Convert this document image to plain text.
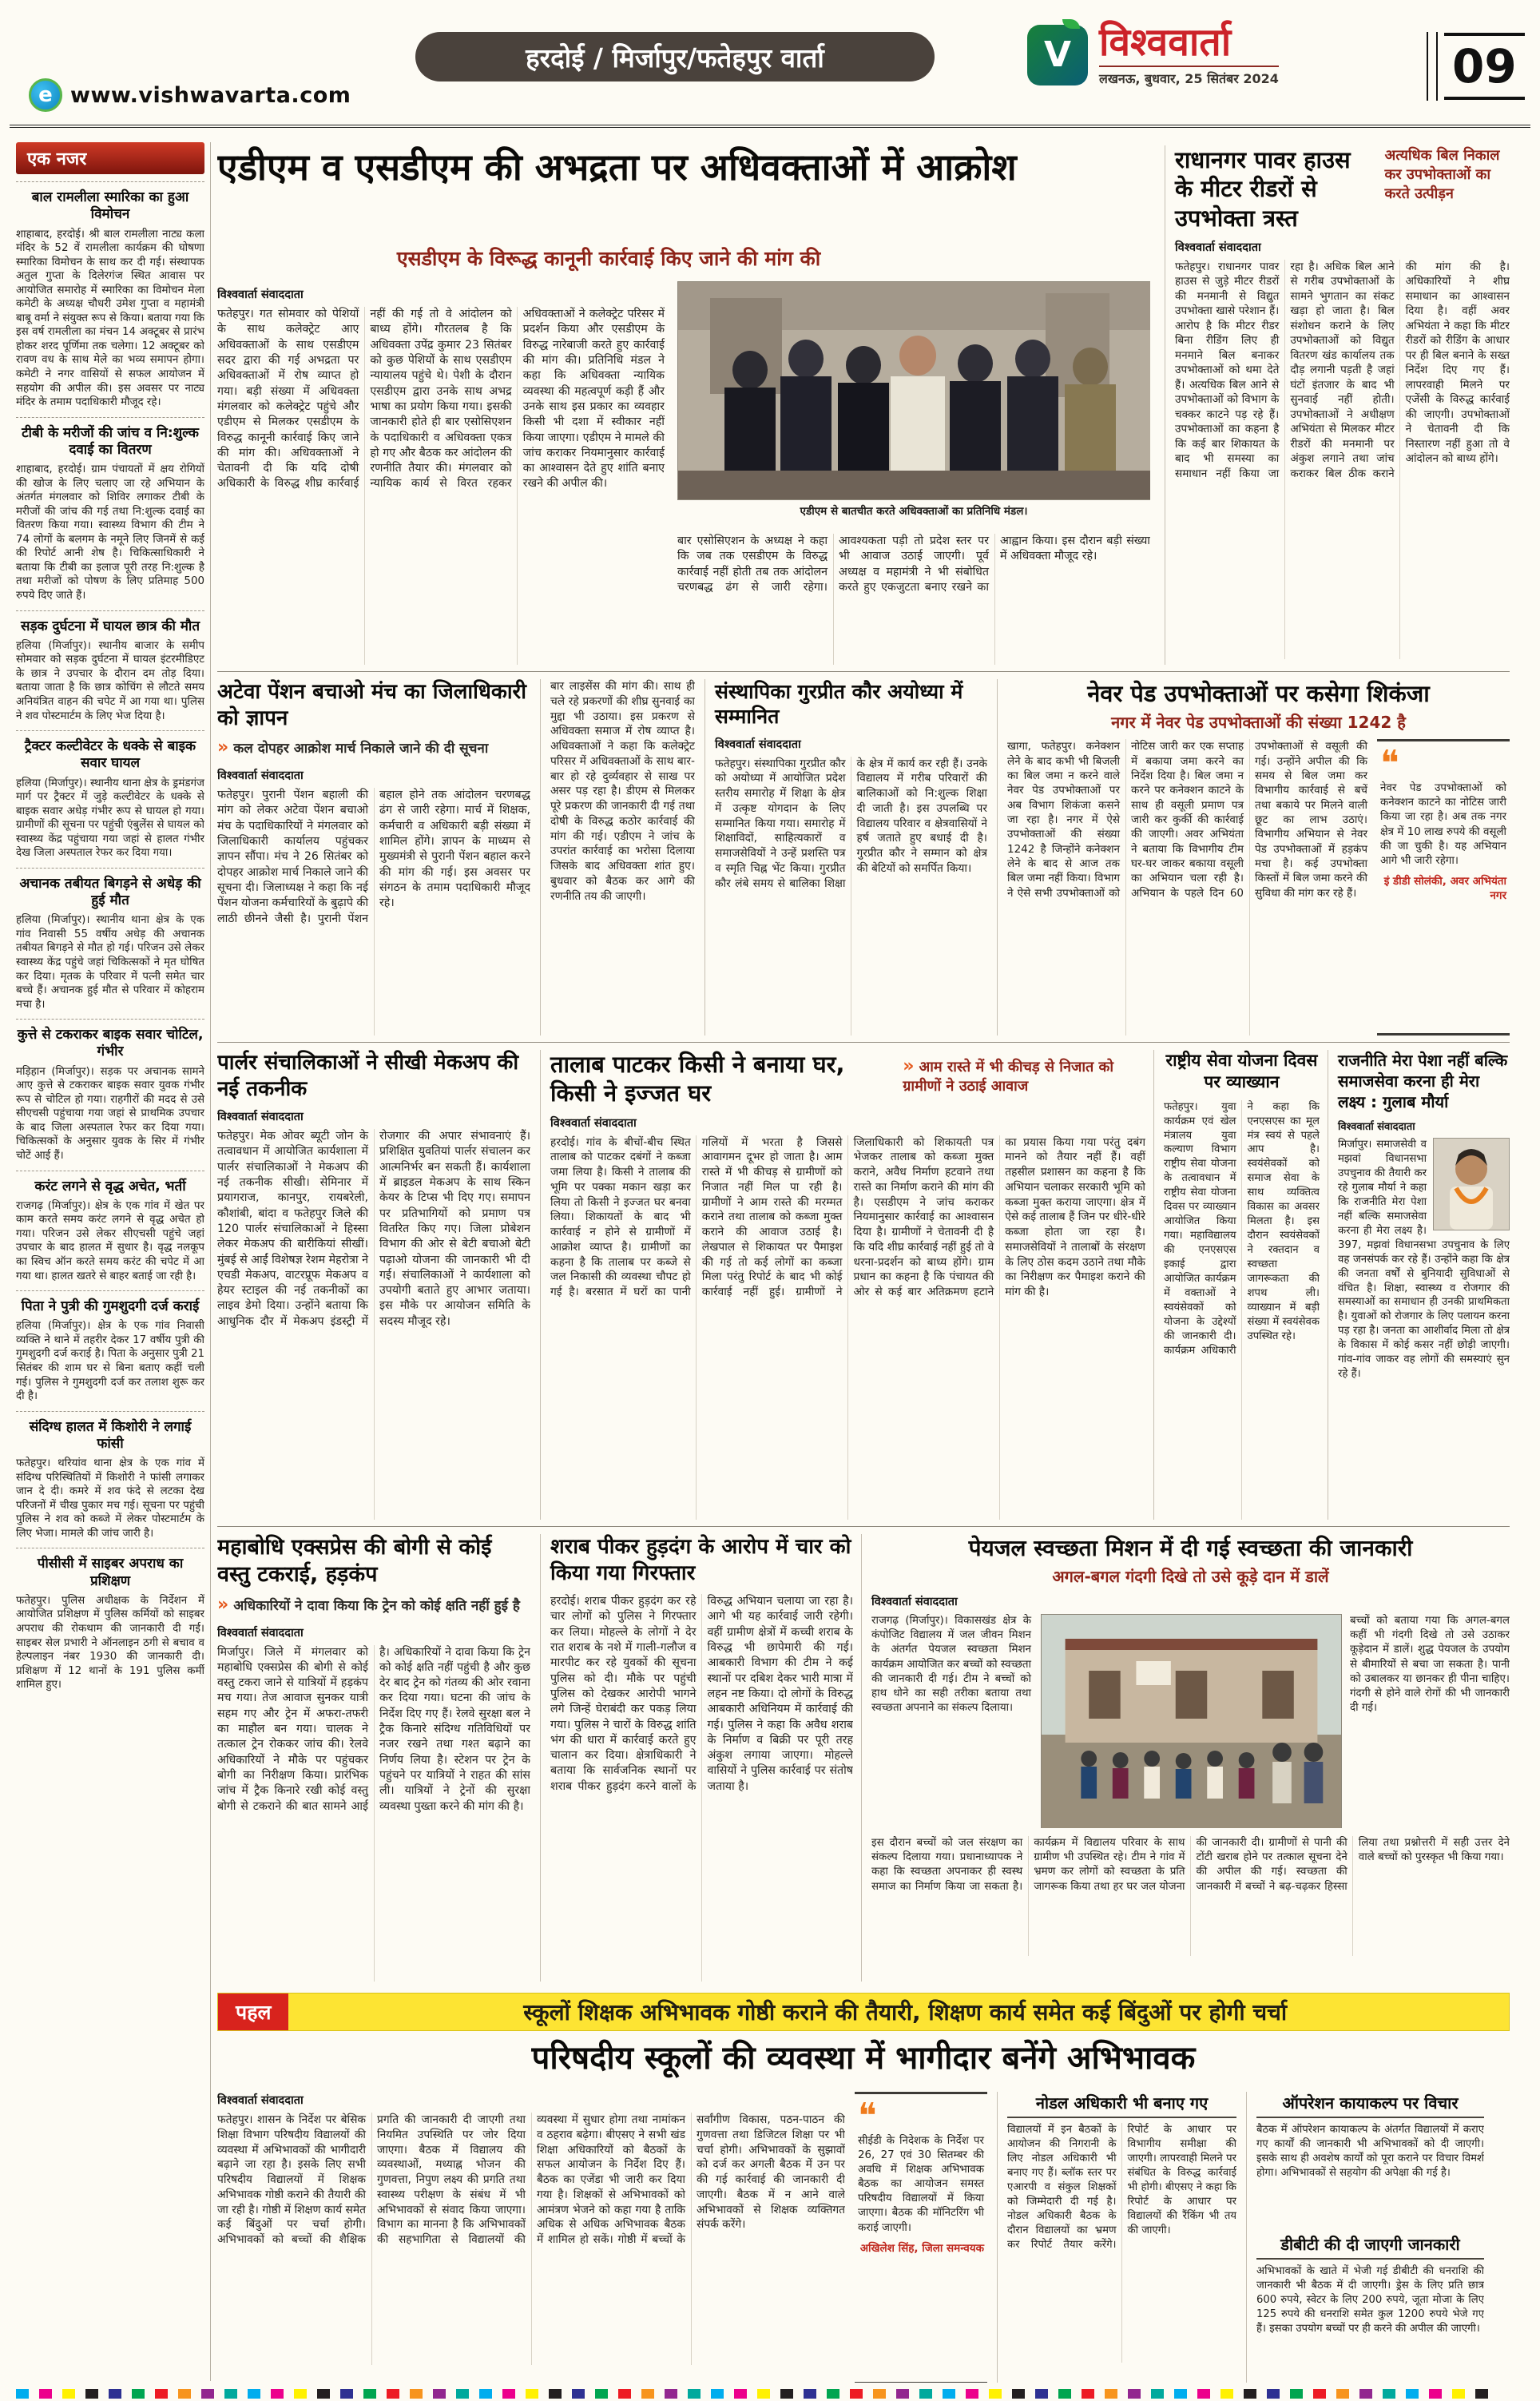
e www.vishwavarta.com
हरदोई / मिर्जापुर/फतेहपुर वार्ता	V विश्ववार्ता
लखनऊ, बुधवार, 25 सितंबर 2024	09
एक नजर
बाल रामलीला स्मारिका का हुआ विमोचन

शाहाबाद, हरदोई। श्री बाल रामलीला नाट्य कला मंदिर के 52 वें रामलीला कार्यक्रम की घोषणा स्मारिका विमोचन के साथ कर दी गई। संस्थापक अतुल गुप्ता के दिलेरगंज स्थित आवास पर आयोजित समारोह में स्मारिका का विमोचन मेला कमेटी के अध्यक्ष चौधरी उमेश गुप्ता व महामंत्री बाबू वर्मा ने संयुक्त रूप से किया। बताया गया कि इस वर्ष रामलीला का मंचन 14 अक्टूबर से प्रारंभ होकर शरद पूर्णिमा तक चलेगा। 12 अक्टूबर को रावण वध के साथ मेले का भव्य समापन होगा। कमेटी ने नगर वासियों से सफल आयोजन में सहयोग की अपील की। इस अवसर पर नाट्य मंदिर के तमाम पदाधिकारी मौजूद रहे।

टीबी के मरीजों की जांच व नि:शुल्क दवाई का वितरण

शाहाबाद, हरदोई। ग्राम पंचायतों में क्षय रोगियों की खोज के लिए चलाए जा रहे अभियान के अंतर्गत मंगलवार को शिविर लगाकर टीबी के मरीजों की जांच की गई तथा नि:शुल्क दवाई का वितरण किया गया। स्वास्थ्य विभाग की टीम ने 74 लोगों के बलगम के नमूने लिए जिनमें से कई की रिपोर्ट आनी शेष है। चिकित्साधिकारी ने बताया कि टीबी का इलाज पूरी तरह नि:शुल्क है तथा मरीजों को पोषण के लिए प्रतिमाह 500 रुपये दिए जाते हैं।

सड़क दुर्घटना में घायल छात्र की मौत

हलिया (मिर्जापुर)। स्थानीय बाजार के समीप सोमवार को सड़क दुर्घटना में घायल इंटरमीडिएट के छात्र ने उपचार के दौरान दम तोड़ दिया। बताया जाता है कि छात्र कोचिंग से लौटते समय अनियंत्रित वाहन की चपेट में आ गया था। पुलिस ने शव पोस्टमार्टम के लिए भेज दिया है।

ट्रैक्टर कल्टीवेटर के धक्के से बाइक सवार घायल

हलिया (मिर्जापुर)। स्थानीय थाना क्षेत्र के ड्रमंडगंज मार्ग पर ट्रैक्टर में जुड़े कल्टीवेटर के धक्के से बाइक सवार अधेड़ गंभीर रूप से घायल हो गया। ग्रामीणों की सूचना पर पहुंची एंबुलेंस से घायल को स्वास्थ्य केंद्र पहुंचाया गया जहां से हालत गंभीर देख जिला अस्पताल रेफर कर दिया गया।

अचानक तबीयत बिगड़ने से अधेड़ की हुई मौत

हलिया (मिर्जापुर)। स्थानीय थाना क्षेत्र के एक गांव निवासी 55 वर्षीय अधेड़ की अचानक तबीयत बिगड़ने से मौत हो गई। परिजन उसे लेकर स्वास्थ्य केंद्र पहुंचे जहां चिकित्सकों ने मृत घोषित कर दिया। मृतक के परिवार में पत्नी समेत चार बच्चे हैं। अचानक हुई मौत से परिवार में कोहराम मचा है।

कुत्ते से टकराकर बाइक सवार चोटिल, गंभीर

मड़िहान (मिर्जापुर)। सड़क पर अचानक सामने आए कुत्ते से टकराकर बाइक सवार युवक गंभीर रूप से चोटिल हो गया। राहगीरों की मदद से उसे सीएचसी पहुंचाया गया जहां से प्राथमिक उपचार के बाद जिला अस्पताल रेफर कर दिया गया। चिकित्सकों के अनुसार युवक के सिर में गंभीर चोटें आई हैं।

करंट लगने से वृद्ध अचेत, भर्ती

राजगढ़ (मिर्जापुर)। क्षेत्र के एक गांव में खेत पर काम करते समय करंट लगने से वृद्ध अचेत हो गया। परिजन उसे लेकर सीएचसी पहुंचे जहां उपचार के बाद हालत में सुधार है। वृद्ध नलकूप का स्विच ऑन करते समय करंट की चपेट में आ गया था। हालत खतरे से बाहर बताई जा रही है।

पिता ने पुत्री की गुमशुदगी दर्ज कराई

हलिया (मिर्जापुर)। क्षेत्र के एक गांव निवासी व्यक्ति ने थाने में तहरीर देकर 17 वर्षीय पुत्री की गुमशुदगी दर्ज कराई है। पिता के अनुसार पुत्री 21 सितंबर की शाम घर से बिना बताए कहीं चली गई। पुलिस ने गुमशुदगी दर्ज कर तलाश शुरू कर दी है।

संदिग्ध हालत में किशोरी ने लगाई फांसी

फतेहपुर। थरियांव थाना क्षेत्र के एक गांव में संदिग्ध परिस्थितियों में किशोरी ने फांसी लगाकर जान दे दी। कमरे में शव फंदे से लटका देख परिजनों में चीख पुकार मच गई। सूचना पर पहुंची पुलिस ने शव को कब्जे में लेकर पोस्टमार्टम के लिए भेजा। मामले की जांच जारी है।

पीसीसी में साइबर अपराध का प्रशिक्षण

फतेहपुर। पुलिस अधीक्षक के निर्देशन में आयोजित प्रशिक्षण में पुलिस कर्मियों को साइबर अपराध की रोकथाम की जानकारी दी गई। साइबर सेल प्रभारी ने ऑनलाइन ठगी से बचाव व हेल्पलाइन नंबर 1930 की जानकारी दी। प्रशिक्षण में 12 थानों के 191 पुलिस कर्मी शामिल हुए।

एडीएम व एसडीएम की अभद्रता पर अधिवक्ताओं में आक्रोश
एसडीएम के विरूद्ध कानूनी कार्रवाई किए जाने की मांग की
विश्ववार्ता संवाददाता
फतेहपुर। गत सोमवार को पेशियों के साथ कलेक्ट्रेट आए अधिवक्ताओं के साथ एसडीएम सदर द्वारा की गई अभद्रता पर अधिवक्ताओं में रोष व्याप्त हो गया। बड़ी संख्या में अधिवक्ता मंगलवार को कलेक्ट्रेट पहुंचे और एडीएम से मिलकर एसडीएम के विरुद्ध कानूनी कार्रवाई किए जाने की मांग की। अधिवक्ताओं ने चेतावनी दी कि यदि दोषी अधिकारी के विरुद्ध शीघ्र कार्रवाई नहीं की गई तो वे आंदोलन को बाध्य होंगे। गौरतलब है कि अधिवक्ता उपेंद्र कुमार 23 सितंबर को कुछ पेशियों के साथ एसडीएम न्यायालय पहुंचे थे। पेशी के दौरान एसडीएम द्वारा उनके साथ अभद्र भाषा का प्रयोग किया गया। इसकी जानकारी होते ही बार एसोसिएशन के पदाधिकारी व अधिवक्ता एकत्र हो गए और बैठक कर आंदोलन की रणनीति तैयार की। मंगलवार को न्यायिक कार्य से विरत रहकर अधिवक्ताओं ने कलेक्ट्रेट परिसर में प्रदर्शन किया और एसडीएम के विरुद्ध नारेबाजी करते हुए कार्रवाई की मांग की। प्रतिनिधि मंडल ने कहा कि अधिवक्ता न्यायिक व्यवस्था की महत्वपूर्ण कड़ी हैं और उनके साथ इस प्रकार का व्यवहार किसी भी दशा में स्वीकार नहीं किया जाएगा। एडीएम ने मामले की जांच कराकर नियमानुसार कार्रवाई का आश्वासन देते हुए शांति बनाए रखने की अपील की।
एडीएम से बातचीत करते अधिवक्ताओं का प्रतिनिधि मंडल।
बार एसोसिएशन के अध्यक्ष ने कहा कि जब तक एसडीएम के विरुद्ध कार्रवाई नहीं होती तब तक आंदोलन चरणबद्ध ढंग से जारी रहेगा। आवश्यकता पड़ी तो प्रदेश स्तर पर भी आवाज उठाई जाएगी। पूर्व अध्यक्ष व महामंत्री ने भी संबोधित करते हुए एकजुटता बनाए रखने का आह्वान किया। इस दौरान बड़ी संख्या में अधिवक्ता मौजूद रहे।
राधानगर पावर हाउस के मीटर रीडरों से उपभोक्ता त्रस्त
अत्यधिक बिल निकाल कर उपभोक्ताओं का करते उत्पीड़न
विश्ववार्ता संवाददाता
फतेहपुर। राधानगर पावर हाउस से जुड़े मीटर रीडरों की मनमानी से विद्युत उपभोक्ता खासे परेशान हैं। आरोप है कि मीटर रीडर बिना रीडिंग लिए ही मनमाने बिल बनाकर उपभोक्ताओं को थमा देते हैं। अत्यधिक बिल आने से उपभोक्ताओं को विभाग के चक्कर काटने पड़ रहे हैं। उपभोक्ताओं का कहना है कि कई बार शिकायत के बाद भी समस्या का समाधान नहीं किया जा रहा है। अधिक बिल आने से गरीब उपभोक्ताओं के सामने भुगतान का संकट खड़ा हो जाता है। बिल संशोधन कराने के लिए उपभोक्ताओं को विद्युत वितरण खंड कार्यालय तक दौड़ लगानी पड़ती है जहां घंटों इंतजार के बाद भी सुनवाई नहीं होती। उपभोक्ताओं ने अधीक्षण अभियंता से मिलकर मीटर रीडरों की मनमानी पर अंकुश लगाने तथा जांच कराकर बिल ठीक कराने की मांग की है। अधिकारियों ने शीघ्र समाधान का आश्वासन दिया है। वहीं अवर अभियंता ने कहा कि मीटर रीडरों को रीडिंग के आधार पर ही बिल बनाने के सख्त निर्देश दिए गए हैं। लापरवाही मिलने पर एजेंसी के विरुद्ध कार्रवाई की जाएगी। उपभोक्ताओं ने चेतावनी दी कि निस्तारण नहीं हुआ तो वे आंदोलन को बाध्य होंगे।
अटेवा पेंशन बचाओ मंच का जिलाधिकारी को ज्ञापन
» कल दोपहर आक्रोश मार्च निकाले जाने की दी सूचना
विश्ववार्ता संवाददाता
फतेहपुर। पुरानी पेंशन बहाली की मांग को लेकर अटेवा पेंशन बचाओ मंच के पदाधिकारियों ने मंगलवार को जिलाधिकारी कार्यालय पहुंचकर ज्ञापन सौंपा। मंच ने 26 सितंबर को दोपहर आक्रोश मार्च निकाले जाने की सूचना दी। जिलाध्यक्ष ने कहा कि नई पेंशन योजना कर्मचारियों के बुढ़ापे की लाठी छीनने जैसी है। पुरानी पेंशन बहाल होने तक आंदोलन चरणबद्ध ढंग से जारी रहेगा। मार्च में शिक्षक, कर्मचारी व अधिकारी बड़ी संख्या में शामिल होंगे। ज्ञापन के माध्यम से मुख्यमंत्री से पुरानी पेंशन बहाल करने की मांग की गई। इस अवसर पर संगठन के तमाम पदाधिकारी मौजूद रहे।
बार लाइसेंस की मांग की। साथ ही चले रहे प्रकरणों की शीघ्र सुनवाई का मुद्दा भी उठाया। इस प्रकरण से अधिवक्ता समाज में रोष व्याप्त है। अधिवक्ताओं ने कहा कि कलेक्ट्रेट परिसर में अधिवक्ताओं के साथ बार-बार हो रहे दुर्व्यवहार से साख पर असर पड़ रहा है। डीएम से मिलकर पूरे प्रकरण की जानकारी दी गई तथा दोषी के विरुद्ध कठोर कार्रवाई की मांग की गई। एडीएम ने जांच के उपरांत कार्रवाई का भरोसा दिलाया जिसके बाद अधिवक्ता शांत हुए। बुधवार को बैठक कर आगे की रणनीति तय की जाएगी।
संस्थापिका गुरप्रीत कौर अयोध्या में सम्मानित
विश्ववार्ता संवाददाता
फतेहपुर। संस्थापिका गुरप्रीत कौर को अयोध्या में आयोजित प्रदेश स्तरीय समारोह में शिक्षा के क्षेत्र में उत्कृष्ट योगदान के लिए सम्मानित किया गया। समारोह में शिक्षाविदों, साहित्यकारों व समाजसेवियों ने उन्हें प्रशस्ति पत्र व स्मृति चिह्न भेंट किया। गुरप्रीत कौर लंबे समय से बालिका शिक्षा के क्षेत्र में कार्य कर रही हैं। उनके विद्यालय में गरीब परिवारों की बालिकाओं को नि:शुल्क शिक्षा दी जाती है। इस उपलब्धि पर विद्यालय परिवार व क्षेत्रवासियों ने हर्ष जताते हुए बधाई दी है। गुरप्रीत कौर ने सम्मान को क्षेत्र की बेटियों को समर्पित किया।
नेवर पेड उपभोक्ताओं पर कसेगा शिकंजा
नगर में नेवर पेड उपभोक्ताओं की संख्या 1242 है
खागा, फतेहपुर। कनेक्शन लेने के बाद कभी भी बिजली का बिल जमा न करने वाले नेवर पेड उपभोक्ताओं पर अब विभाग शिकंजा कसने जा रहा है। नगर में ऐसे उपभोक्ताओं की संख्या 1242 है जिन्होंने कनेक्शन लेने के बाद से आज तक बिल जमा नहीं किया। विभाग ने ऐसे सभी उपभोक्ताओं को नोटिस जारी कर एक सप्ताह में बकाया जमा करने का निर्देश दिया है। बिल जमा न करने पर कनेक्शन काटने के साथ ही वसूली प्रमाण पत्र जारी कर कुर्की की कार्रवाई की जाएगी। अवर अभियंता ने बताया कि विभागीय टीम घर-घर जाकर बकाया वसूली का अभियान चला रही है। अभियान के पहले दिन 60 उपभोक्ताओं से वसूली की गई। उन्होंने अपील की कि समय से बिल जमा कर विभागीय कार्रवाई से बचें तथा बकाये पर मिलने वाली छूट का लाभ उठाएं। विभागीय अभियान से नेवर पेड उपभोक्ताओं में हड़कंप मचा है। कई उपभोक्ता किस्तों में बिल जमा करने की सुविधा की मांग कर रहे हैं।
❝
नेवर पेड उपभोक्ताओं को कनेक्शन काटने का नोटिस जारी किया जा रहा है। अब तक नगर क्षेत्र में 10 लाख रुपये की वसूली की जा चुकी है। यह अभियान आगे भी जारी रहेगा।
इं डीडी सोलंकी, अवर अभियंता नगर
पार्लर संचालिकाओं ने सीखी मेकअप की नई तकनीक
विश्ववार्ता संवाददाता
फतेहपुर। मेक ओवर ब्यूटी जोन के तत्वावधान में आयोजित कार्यशाला में पार्लर संचालिकाओं ने मेकअप की नई तकनीक सीखी। सेमिनार में प्रयागराज, कानपुर, रायबरेली, कौशांबी, बांदा व फतेहपुर जिले की 120 पार्लर संचालिकाओं ने हिस्सा लेकर मेकअप की बारीकियां सीखीं। मुंबई से आईं विशेषज्ञ रेशम मेहरोत्रा ने एचडी मेकअप, वाटरप्रूफ मेकअप व हेयर स्टाइल की नई तकनीकों का लाइव डेमो दिया। उन्होंने बताया कि आधुनिक दौर में मेकअप इंडस्ट्री में रोजगार की अपार संभावनाएं हैं। प्रशिक्षित युवतियां पार्लर संचालन कर आत्मनिर्भर बन सकती हैं। कार्यशाला में ब्राइडल मेकअप के साथ स्किन केयर के टिप्स भी दिए गए। समापन पर प्रतिभागियों को प्रमाण पत्र वितरित किए गए। जिला प्रोबेशन विभाग की ओर से बेटी बचाओ बेटी पढ़ाओ योजना की जानकारी भी दी गई। संचालिकाओं ने कार्यशाला को उपयोगी बताते हुए आभार जताया। इस मौके पर आयोजन समिति के सदस्य मौजूद रहे।
तालाब पाटकर किसी ने बनाया घर, किसी ने इज्जत घर
» आम रास्ते में भी कीचड़ से निजात को ग्रामीणों ने उठाई आवाज
विश्ववार्ता संवाददाता
हरदोई। गांव के बीचों-बीच स्थित तालाब को पाटकर दबंगों ने कब्जा जमा लिया है। किसी ने तालाब की भूमि पर पक्का मकान खड़ा कर लिया तो किसी ने इज्जत घर बनवा लिया। शिकायतों के बाद भी कार्रवाई न होने से ग्रामीणों में आक्रोश व्याप्त है। ग्रामीणों का कहना है कि तालाब पर कब्जे से जल निकासी की व्यवस्था चौपट हो गई है। बरसात में घरों का पानी गलियों में भरता है जिससे आवागमन दूभर हो जाता है। आम रास्ते में भी कीचड़ से ग्रामीणों को निजात नहीं मिल पा रही है। ग्रामीणों ने आम रास्ते की मरम्मत कराने तथा तालाब को कब्जा मुक्त कराने की आवाज उठाई है। लेखपाल से शिकायत पर पैमाइश की गई तो कई लोगों का कब्जा मिला परंतु रिपोर्ट के बाद भी कोई कार्रवाई नहीं हुई। ग्रामीणों ने जिलाधिकारी को शिकायती पत्र भेजकर तालाब को कब्जा मुक्त कराने, अवैध निर्माण हटवाने तथा रास्ते का निर्माण कराने की मांग की है। एसडीएम ने जांच कराकर नियमानुसार कार्रवाई का आश्वासन दिया है। ग्रामीणों ने चेतावनी दी है कि यदि शीघ्र कार्रवाई नहीं हुई तो वे धरना-प्रदर्शन को बाध्य होंगे। ग्राम प्रधान का कहना है कि पंचायत की ओर से कई बार अतिक्रमण हटाने का प्रयास किया गया परंतु दबंग मानने को तैयार नहीं हैं। वहीं तहसील प्रशासन का कहना है कि अभियान चलाकर सरकारी भूमि को कब्जा मुक्त कराया जाएगा। क्षेत्र में ऐसे कई तालाब हैं जिन पर धीरे-धीरे कब्जा होता जा रहा है। समाजसेवियों ने तालाबों के संरक्षण के लिए ठोस कदम उठाने तथा मौके का निरीक्षण कर पैमाइश कराने की मांग की है।
राष्ट्रीय सेवा योजना दिवस पर व्याख्यान
फतेहपुर। युवा कार्यक्रम एवं खेल मंत्रालय युवा कल्याण विभाग राष्ट्रीय सेवा योजना के तत्वावधान में राष्ट्रीय सेवा योजना दिवस पर व्याख्यान आयोजित किया गया। महाविद्यालय की एनएसएस इकाई द्वारा आयोजित कार्यक्रम में वक्ताओं ने स्वयंसेवकों को योजना के उद्देश्यों की जानकारी दी। कार्यक्रम अधिकारी ने कहा कि एनएसएस का मूल मंत्र स्वयं से पहले आप है। स्वयंसेवकों को समाज सेवा के साथ व्यक्तित्व विकास का अवसर मिलता है। इस दौरान स्वयंसेवकों ने रक्तदान व स्वच्छता जागरूकता की शपथ ली। व्याख्यान में बड़ी संख्या में स्वयंसेवक उपस्थित रहे।
राजनीति मेरा पेशा नहीं बल्कि समाजसेवा करना ही मेरा लक्ष्य : गुलाब मौर्या
विश्ववार्ता संवाददाता
मिर्जापुर। समाजसेवी व मझवां विधानसभा उपचुनाव की तैयारी कर रहे गुलाब मौर्या ने कहा कि राजनीति मेरा पेशा नहीं बल्कि समाजसेवा करना ही मेरा लक्ष्य है। 397, मझवां विधानसभा उपचुनाव के लिए वह जनसंपर्क कर रहे हैं। उन्होंने कहा कि क्षेत्र की जनता वर्षों से बुनियादी सुविधाओं से वंचित है। शिक्षा, स्वास्थ्य व रोजगार की समस्याओं का समाधान ही उनकी प्राथमिकता है। युवाओं को रोजगार के लिए पलायन करना पड़ रहा है। जनता का आशीर्वाद मिला तो क्षेत्र के विकास में कोई कसर नहीं छोड़ी जाएगी। गांव-गांव जाकर वह लोगों की समस्याएं सुन रहे हैं।
महाबोधि एक्सप्रेस की बोगी से कोई वस्तु टकराई, हड़कंप
» अधिकारियों ने दावा किया कि ट्रेन को कोई क्षति नहीं हुई है
विश्ववार्ता संवाददाता
मिर्जापुर। जिले में मंगलवार को महाबोधि एक्सप्रेस की बोगी से कोई वस्तु टकरा जाने से यात्रियों में हड़कंप मच गया। तेज आवाज सुनकर यात्री सहम गए और ट्रेन में अफरा-तफरी का माहौल बन गया। चालक ने तत्काल ट्रेन रोककर जांच की। रेलवे अधिकारियों ने मौके पर पहुंचकर बोगी का निरीक्षण किया। प्रारंभिक जांच में ट्रैक किनारे रखी कोई वस्तु बोगी से टकराने की बात सामने आई है। अधिकारियों ने दावा किया कि ट्रेन को कोई क्षति नहीं पहुंची है और कुछ देर बाद ट्रेन को गंतव्य की ओर रवाना कर दिया गया। घटना की जांच के निर्देश दिए गए हैं। रेलवे सुरक्षा बल ने ट्रैक किनारे संदिग्ध गतिविधियों पर नजर रखने तथा गश्त बढ़ाने का निर्णय लिया है। स्टेशन पर ट्रेन के पहुंचने पर यात्रियों ने राहत की सांस ली। यात्रियों ने ट्रेनों की सुरक्षा व्यवस्था पुख्ता करने की मांग की है।
शराब पीकर हुड़दंग के आरोप में चार को किया गया गिरफ्तार
हरदोई। शराब पीकर हुड़दंग कर रहे चार लोगों को पुलिस ने गिरफ्तार कर लिया। मोहल्ले के लोगों ने देर रात शराब के नशे में गाली-गलौज व मारपीट कर रहे युवकों की सूचना पुलिस को दी। मौके पर पहुंची पुलिस को देखकर आरोपी भागने लगे जिन्हें घेराबंदी कर पकड़ लिया गया। पुलिस ने चारों के विरुद्ध शांति भंग की धारा में कार्रवाई करते हुए चालान कर दिया। क्षेत्राधिकारी ने बताया कि सार्वजनिक स्थानों पर शराब पीकर हुड़दंग करने वालों के विरुद्ध अभियान चलाया जा रहा है। आगे भी यह कार्रवाई जारी रहेगी। वहीं ग्रामीण क्षेत्रों में कच्ची शराब के विरुद्ध भी छापेमारी की गई। आबकारी विभाग की टीम ने कई स्थानों पर दबिश देकर भारी मात्रा में लहन नष्ट किया। दो लोगों के विरुद्ध आबकारी अधिनियम में कार्रवाई की गई। पुलिस ने कहा कि अवैध शराब के निर्माण व बिक्री पर पूरी तरह अंकुश लगाया जाएगा। मोहल्ले वासियों ने पुलिस कार्रवाई पर संतोष जताया है।
पेयजल स्वच्छता मिशन में दी गई स्वच्छता की जानकारी
अगल-बगल गंदगी दिखे तो उसे कूड़े दान में डालें
विश्ववार्ता संवाददाता
राजगढ़ (मिर्जापुर)। विकासखंड क्षेत्र के कंपोजिट विद्यालय में जल जीवन मिशन के अंतर्गत पेयजल स्वच्छता मिशन कार्यक्रम आयोजित कर बच्चों को स्वच्छता की जानकारी दी गई। टीम ने बच्चों को हाथ धोने का सही तरीका बताया तथा स्वच्छता अपनाने का संकल्प दिलाया।
बच्चों को बताया गया कि अगल-बगल कहीं भी गंदगी दिखे तो उसे उठाकर कूड़ेदान में डालें। शुद्ध पेयजल के उपयोग से बीमारियों से बचा जा सकता है। पानी को उबालकर या छानकर ही पीना चाहिए। गंदगी से होने वाले रोगों की भी जानकारी दी गई।
इस दौरान बच्चों को जल संरक्षण का संकल्प दिलाया गया। प्रधानाध्यापक ने कहा कि स्वच्छता अपनाकर ही स्वस्थ समाज का निर्माण किया जा सकता है। कार्यक्रम में विद्यालय परिवार के साथ ग्रामीण भी उपस्थित रहे। टीम ने गांव में भ्रमण कर लोगों को स्वच्छता के प्रति जागरूक किया तथा हर घर जल योजना की जानकारी दी। ग्रामीणों से पानी की टोंटी खराब होने पर तत्काल सूचना देने की अपील की गई। स्वच्छता की जानकारी में बच्चों ने बढ़-चढ़कर हिस्सा लिया तथा प्रश्नोत्तरी में सही उत्तर देने वाले बच्चों को पुरस्कृत भी किया गया।
पहल	स्कूलों शिक्षक अभिभावक गोष्ठी कराने की तैयारी, शिक्षण कार्य समेत कई बिंदुओं पर होगी चर्चा
परिषदीय स्कूलों की व्यवस्था में भागीदार बनेंगे अभिभावक
विश्ववार्ता संवाददाता
फतेहपुर। शासन के निर्देश पर बेसिक शिक्षा विभाग परिषदीय विद्यालयों की व्यवस्था में अभिभावकों की भागीदारी बढ़ाने जा रहा है। इसके लिए सभी परिषदीय विद्यालयों में शिक्षक अभिभावक गोष्ठी कराने की तैयारी की जा रही है। गोष्ठी में शिक्षण कार्य समेत कई बिंदुओं पर चर्चा होगी। अभिभावकों को बच्चों की शैक्षिक प्रगति की जानकारी दी जाएगी तथा नियमित उपस्थिति पर जोर दिया जाएगा। बैठक में विद्यालय की व्यवस्थाओं, मध्याह्न भोजन की गुणवत्ता, निपुण लक्ष्य की प्रगति तथा स्वास्थ्य परीक्षण के संबंध में भी अभिभावकों से संवाद किया जाएगा। विभाग का मानना है कि अभिभावकों की सहभागिता से विद्यालयों की व्यवस्था में सुधार होगा तथा नामांकन व ठहराव बढ़ेगा। बीएसए ने सभी खंड शिक्षा अधिकारियों को बैठकों के सफल आयोजन के निर्देश दिए हैं। बैठक का एजेंडा भी जारी कर दिया गया है। शिक्षकों से अभिभावकों को आमंत्रण भेजने को कहा गया है ताकि अधिक से अधिक अभिभावक बैठक में शामिल हो सकें। गोष्ठी में बच्चों के सर्वांगीण विकास, पठन-पाठन की गुणवत्ता तथा डिजिटल शिक्षा पर भी चर्चा होगी। अभिभावकों के सुझावों को दर्ज कर अगली बैठक में उन पर की गई कार्रवाई की जानकारी दी जाएगी। बैठक में न आने वाले अभिभावकों से शिक्षक व्यक्तिगत संपर्क करेंगे।
❝
सीईडी के निदेशक के निर्देश पर 26, 27 एवं 30 सितम्बर की अवधि में शिक्षक अभिभावक बैठक का आयोजन समस्त परिषदीय विद्यालयों में किया जाएगा। बैठक की मॉनिटरिंग भी कराई जाएगी।
अखिलेश सिंह, जिला समन्वयक
नोडल अधिकारी भी बनाए गए
विद्यालयों में इन बैठकों के आयोजन की निगरानी के लिए नोडल अधिकारी भी बनाए गए हैं। ब्लॉक स्तर पर एआरपी व संकुल शिक्षकों को जिम्मेदारी दी गई है। नोडल अधिकारी बैठक के दौरान विद्यालयों का भ्रमण कर रिपोर्ट तैयार करेंगे। रिपोर्ट के आधार पर विभागीय समीक्षा की जाएगी। लापरवाही मिलने पर संबंधित के विरुद्ध कार्रवाई भी होगी। बीएसए ने कहा कि रिपोर्ट के आधार पर विद्यालयों की रैंकिंग भी तय की जाएगी।
ऑपरेशन कायाकल्प पर विचार
बैठक में ऑपरेशन कायाकल्प के अंतर्गत विद्यालयों में कराए गए कार्यों की जानकारी भी अभिभावकों को दी जाएगी। इसके साथ ही अवशेष कार्यों को पूरा कराने पर विचार विमर्श होगा। अभिभावकों से सहयोग की अपेक्षा की गई है।
डीबीटी की दी जाएगी जानकारी
अभिभावकों के खाते में भेजी गई डीबीटी की धनराशि की जानकारी भी बैठक में दी जाएगी। ड्रेस के लिए प्रति छात्र 600 रुपये, स्वेटर के लिए 200 रुपये, जूता मोजा के लिए 125 रुपये की धनराशि समेत कुल 1200 रुपये भेजे गए हैं। इसका उपयोग बच्चों पर ही करने की अपील की जाएगी।
